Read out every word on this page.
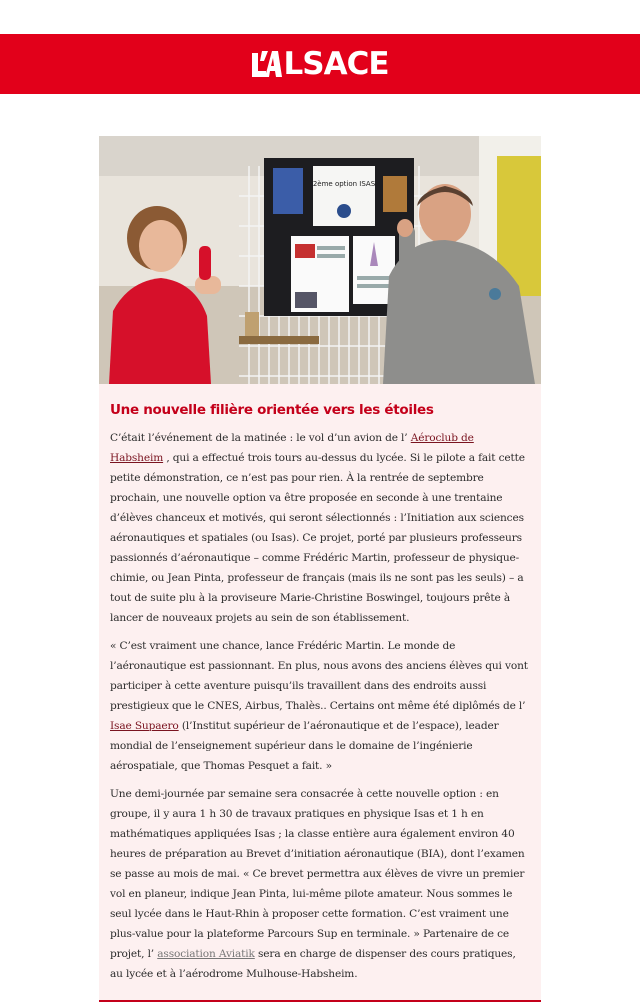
LSACE
2ème option ISAS
Une nouvelle filière orientée vers les étoiles

C’était l’événement de la matinée : le vol d’un avion de l’ Aéroclub de Habsheim , qui a effectué trois tours au-dessus du lycée. Si le pilote a fait cette petite démonstration, ce n’est pas pour rien. À la rentrée de septembre prochain, une nouvelle option va être proposée en seconde à une trentaine d’élèves chanceux et motivés, qui seront sélectionnés : l’Initiation aux sciences aéronautiques et spatiales (ou Isas). Ce projet, porté par plusieurs professeurs passionnés d’aéronautique – comme Frédéric Martin, professeur de physique-chimie, ou Jean Pinta, professeur de français (mais ils ne sont pas les seuls) – a tout de suite plu à la proviseure Marie-Christine Boswingel, toujours prête à lancer de nouveaux projets au sein de son établissement.

« C’est vraiment une chance, lance Frédéric Martin. Le monde de l’aéronautique est passionnant. En plus, nous avons des anciens élèves qui vont participer à cette aventure puisqu’ils travaillent dans des endroits aussi prestigieux que le CNES, Airbus, Thalès.. Certains ont même été diplômés de l’ Isae Supaero (l’Institut supérieur de l’aéronautique et de l’espace), leader mondial de l’enseignement supérieur dans le domaine de l’ingénierie aérospatiale, que Thomas Pesquet a fait. »

Une demi-journée par semaine sera consacrée à cette nouvelle option : en groupe, il y aura 1 h 30 de travaux pratiques en physique Isas et 1 h en mathématiques appliquées Isas ; la classe entière aura également environ 40 heures de préparation au Brevet d’initiation aéronautique (BIA), dont l’examen se passe au mois de mai. « Ce brevet permettra aux élèves de vivre un premier vol en planeur, indique Jean Pinta, lui-même pilote amateur. Nous sommes le seul lycée dans le Haut-Rhin à proposer cette formation. C’est vraiment une plus-value pour la plateforme Parcours Sup en terminale. » Partenaire de ce projet, l’ association Aviatik sera en charge de dispenser des cours pratiques, au lycée et à l’aérodrome Mulhouse-Habsheim.
